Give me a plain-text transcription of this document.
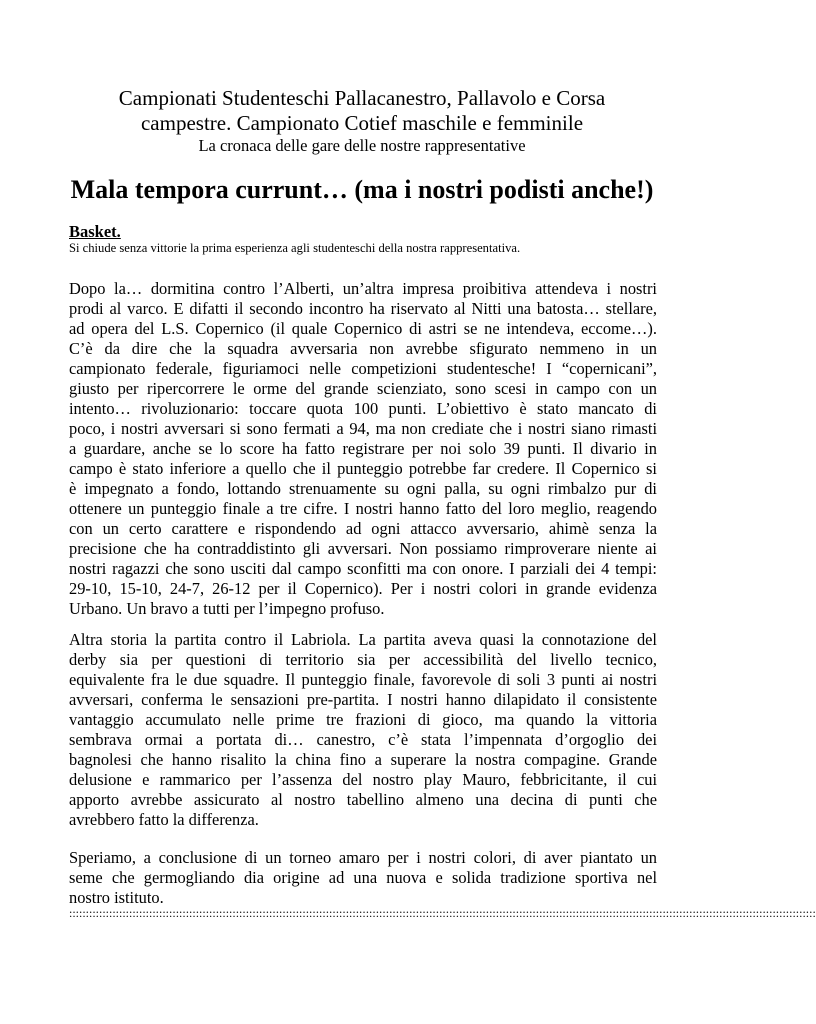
Campionati Studenteschi Pallacanestro, Pallavolo e Corsa
campestre. Campionato Cotief maschile e femminile
La cronaca delle gare delle nostre rappresentative
Mala tempora currunt… (ma i nostri podisti anche!)
Basket.
Si chiude senza vittorie la prima esperienza agli studenteschi della nostra rappresentativa.
Dopo la… dormitina contro l’Alberti, un’altra impresa proibitiva attendeva i nostri
prodi al varco. E difatti il secondo incontro ha riservato al Nitti una batosta… stellare,
ad opera del L.S. Copernico (il quale Copernico di astri se ne intendeva, eccome…).
C’è da dire che la squadra avversaria non avrebbe sfigurato nemmeno in un
campionato federale, figuriamoci nelle competizioni studentesche! I “copernicani”,
giusto per ripercorrere le orme del grande scienziato, sono scesi in campo con un
intento… rivoluzionario: toccare quota 100 punti. L’obiettivo è stato mancato di
poco, i nostri avversari si sono fermati a 94, ma non crediate che i nostri siano rimasti
a guardare, anche se lo score ha fatto registrare per noi solo 39 punti. Il divario in
campo è stato inferiore a quello che il punteggio potrebbe far credere. Il Copernico si
è impegnato a fondo, lottando strenuamente su ogni palla, su ogni rimbalzo pur di
ottenere un punteggio finale a tre cifre. I nostri hanno fatto del loro meglio, reagendo
con un certo carattere e rispondendo ad ogni attacco avversario, ahimè senza la
precisione che ha contraddistinto gli avversari. Non possiamo rimproverare niente ai
nostri ragazzi che sono usciti dal campo sconfitti ma con onore. I parziali dei 4 tempi:
29-10, 15-10, 24-7, 26-12 per il Copernico). Per i nostri colori in grande evidenza
Urbano. Un bravo a tutti per l’impegno profuso.
Altra storia la partita contro il Labriola. La partita aveva quasi la connotazione del
derby sia per questioni di territorio sia per accessibilità del livello tecnico,
equivalente fra le due squadre. Il punteggio finale, favorevole di soli 3 punti ai nostri
avversari, conferma le sensazioni pre-partita. I nostri hanno dilapidato il consistente
vantaggio accumulato nelle prime tre frazioni di gioco, ma quando la vittoria
sembrava ormai a portata di… canestro, c’è stata l’impennata d’orgoglio dei
bagnolesi che hanno risalito la china fino a superare la nostra compagine. Grande
delusione e rammarico per l’assenza del nostro play Mauro, febbricitante, il cui
apporto avrebbe assicurato al nostro tabellino almeno una decina di punti che
avrebbero fatto la differenza.
Speriamo, a conclusione di un torneo amaro per i nostri colori, di aver piantato un
seme che germogliando dia origine ad una nuova e solida tradizione sportiva nel
nostro istituto.
::::::::::::::::::::::::::::::::::::::::::::::::::::::::::::::::::::::::::::::::::::::::::::::::::::::::::::::::::::::::::::::::::::::::::::::::::::::::::::::::::::::::::::::::::::::::::::::::::::::::::::::::::::::::::::::::
